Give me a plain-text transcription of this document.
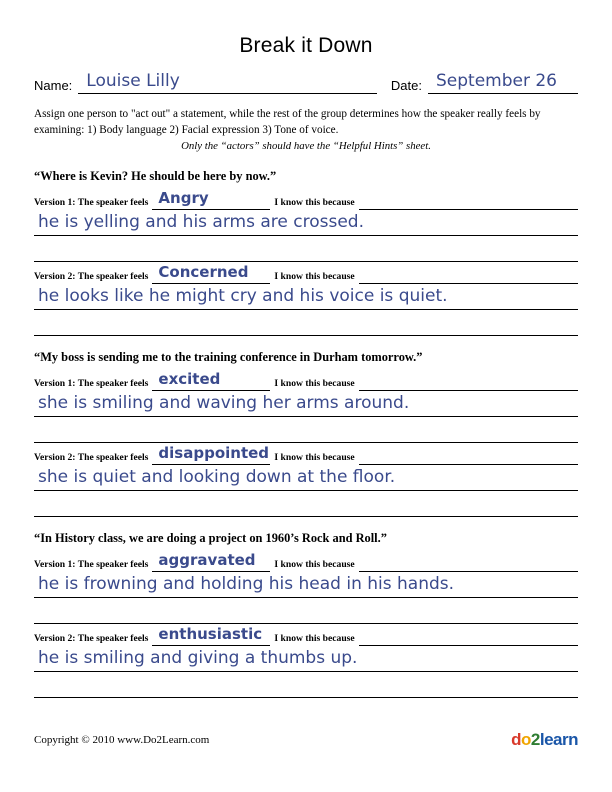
Break it Down
Name: Louise Lilly	Date: September 26
Assign one person to "act out" a statement, while the rest of the group determines how the speaker really feels by examining: 1) Body language 2) Facial expression 3) Tone of voice.
Only the “actors” should have the “Helpful Hints” sheet.
“Where is Kevin? He should be here by now.”
Version 1: The speaker feels Angry	I know this because
he is yelling and his arms are crossed.
Version 2: The speaker feels Concerned	I know this because
he looks like he might cry and his voice is quiet.
“My boss is sending me to the training conference in Durham tomorrow.”
Version 1: The speaker feels excited	I know this because
she is smiling and waving her arms around.
Version 2: The speaker feels disappointed I know this because
she is quiet and looking down at the floor.
“In History class, we are doing a project on 1960’s Rock and Roll.”
Version 1: The speaker feels aggravated I know this because
he is frowning and holding his head in his hands.
Version 2: The speaker feels enthusiastic I know this because
he is smiling and giving a thumbs up.
Copyright © 2010 www.Do2Learn.com	do2learn
